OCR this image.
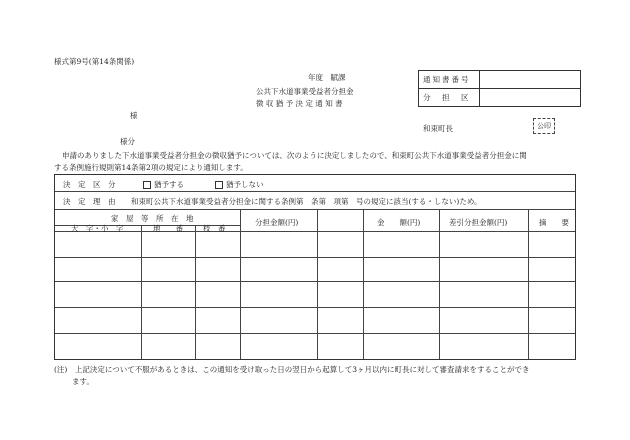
様式第9号(第14条関係)
年度　賦課
公共下水道事業受益者分担金
徴 収 猶 予 決 定 通 知 書
通知書番号	
分　担　区	
様
和束町長	公印
様分
申請のありました下水道事業受益者分担金の徴収猶予については、次のように決定しましたので、和束町公共下水道事業受益者分担金に関
する条例施行規則第14条第2項の規定により通知します。
決　定　区　分	猶予する	猶予しない
決　定　理　由 和束町公共下水道事業受益者分担金に関する条例第　条第　項第　号の規定に該当(する・しない)ため。
家　屋　等　所　在　地
大　字・小　字	地　　番	枝　番
分担金額(円)	金　　額(円)	差引分担金額(円)	摘　　要
(注)　上記決定について不服があるときは、この通知を受け取った日の翌日から起算して3ヶ月以内に町長に対して審査請求をすることができ
ます。
